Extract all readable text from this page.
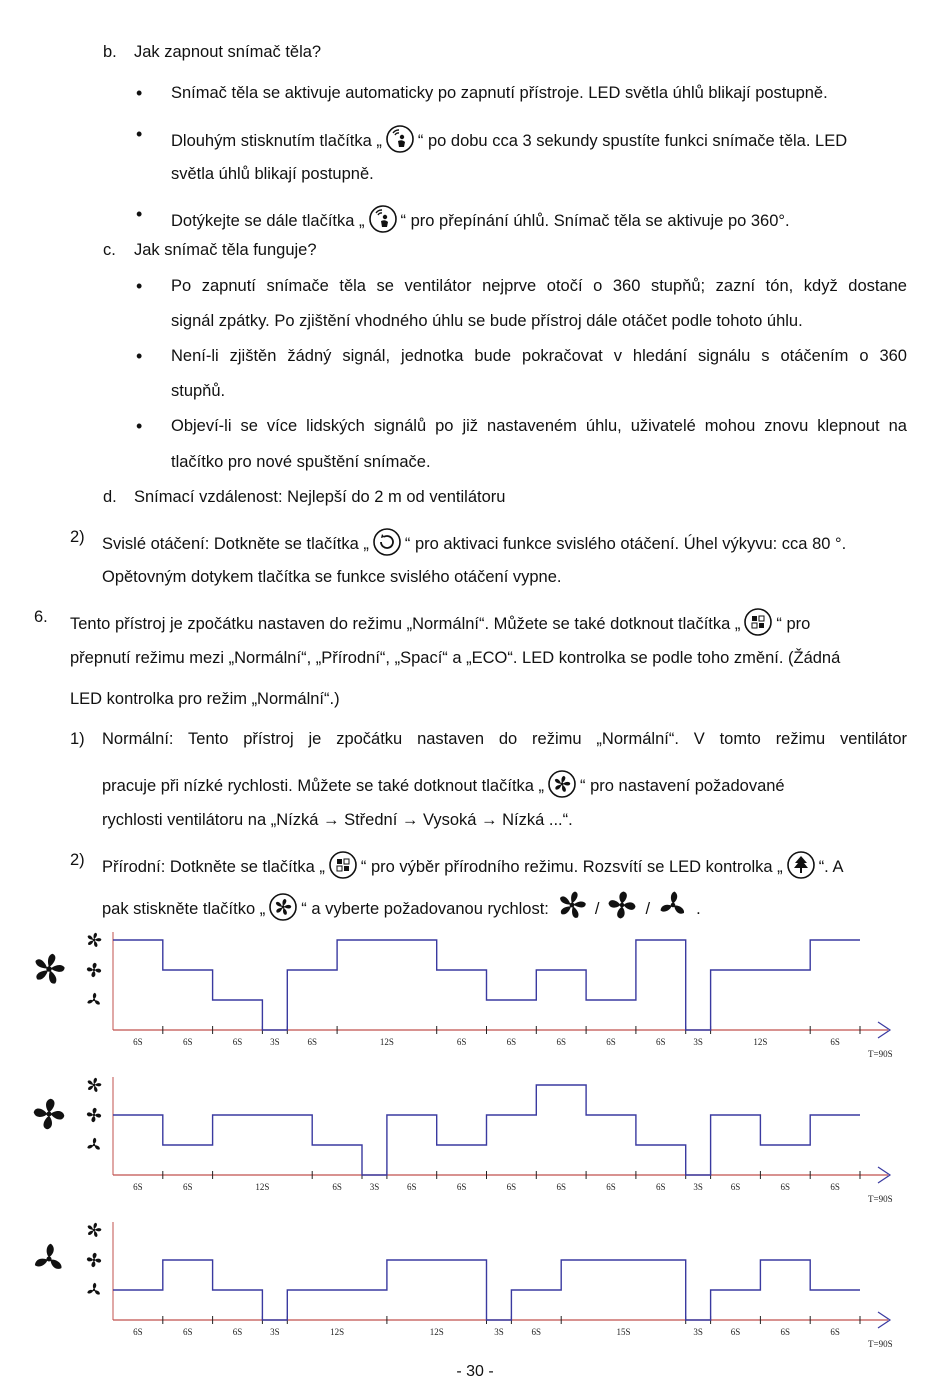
b. Jak zapnout snímač těla?
• Snímač těla se aktivuje automaticky po zapnutí přístroje. LED světla úhlů blikají postupně.
• Dlouhým stisknutím tlačítka „ “ po dobu cca 3 sekundy spustíte funkci snímače těla. LED
světla úhlů blikají postupně.
• Dotýkejte se dále tlačítka „ “ pro přepínání úhlů. Snímač těla se aktivuje po 360°.
c. Jak snímač těla funguje?
• Po zapnutí snímače těla se ventilátor nejprve otočí o 360 stupňů; zazní tón, když dostane
signál zpátky. Po zjištění vhodného úhlu se bude přístroj dále otáčet podle tohoto úhlu.
• Není-li zjištěn žádný signál, jednotka bude pokračovat v hledání signálu s otáčením o 360
stupňů.
• Objeví-li se více lidských signálů po již nastaveném úhlu, uživatelé mohou znovu klepnout na
tlačítko pro nové spuštění snímače.
d. Snímací vzdálenost: Nejlepší do 2 m od ventilátoru
2) Svislé otáčení: Dotkněte se tlačítka „ “ pro aktivaci funkce svislého otáčení. Úhel výkyvu: cca 80 °.
Opětovným dotykem tlačítka se funkce svislého otáčení vypne.
6. Tento přístroj je zpočátku nastaven do režimu „Normální“. Můžete se také dotknout tlačítka „ “ pro
přepnutí režimu mezi „Normální“, „Přírodní“, „Spací“ a „ECO“. LED kontrolka se podle toho změní. (Žádná
LED kontrolka pro režim „Normální“.)
1) Normální: Tento přístroj je zpočátku nastaven do režimu „Normální“. V tomto režimu ventilátor
pracuje při nízké rychlosti. Můžete se také dotknout tlačítka „ “ pro nastavení požadované
rychlosti ventilátoru na „Nízká → Střední → Vysoká → Nízká ...“.
2) Přírodní: Dotkněte se tlačítka „ “ pro výběr přírodního režimu. Rozsvítí se LED kontrolka „ “. A
pak stiskněte tlačítko „ “ a vyberte požadovanou rychlost:	/	/	.
6S	6S	6S	3S	6S	12S	6S	6S	6S	6S	6S	3S	12S	6S
T=90S
6S	6S	12S	6S	3S	6S	6S	6S	6S	6S	6S	3S	6S	6S	6S
T=90S
6S	6S	6S	3S	12S	12S	3S	6S	15S	3S	6S	6S	6S
T=90S
- 30 -
